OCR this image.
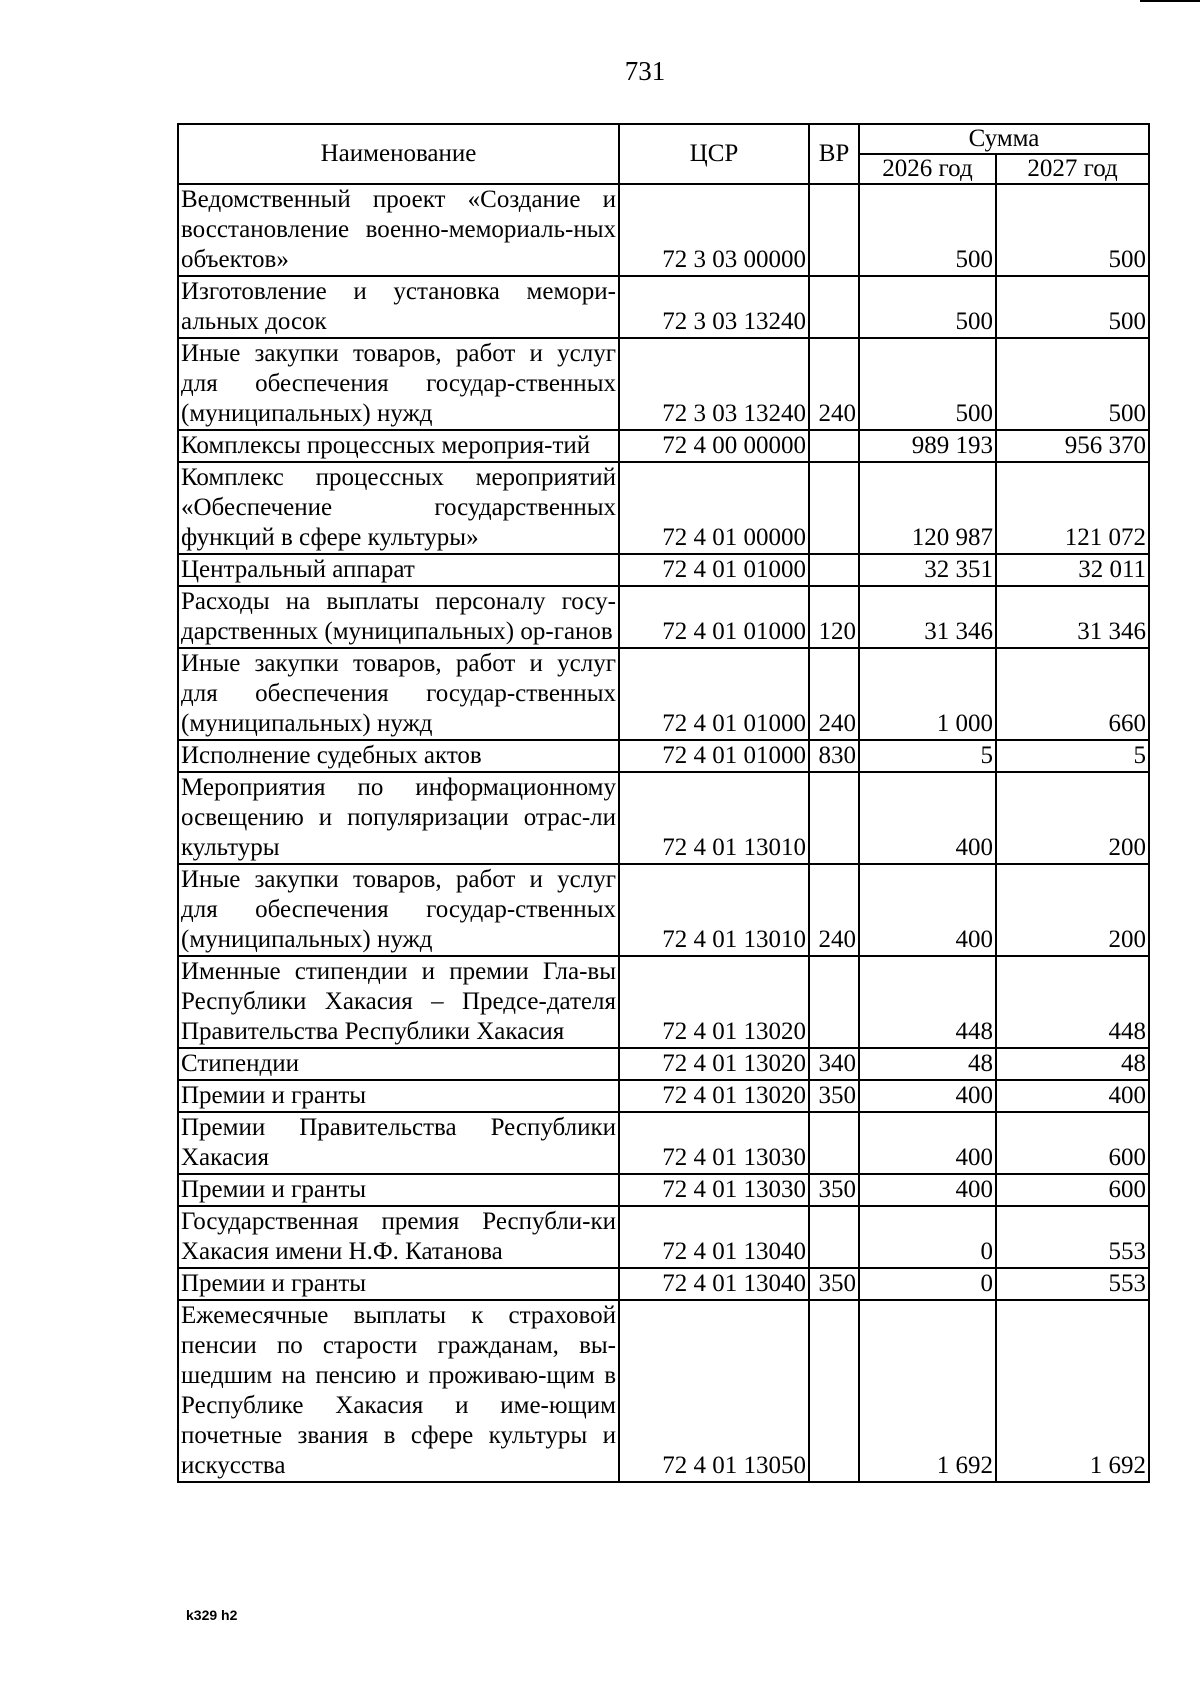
731
Наименование	ЦСР	ВР	Сумма	
			2026 год	2027 год
Ведомственный проект «Создание и восстановление военно-мемориаль-ных объектов»	72 3 03 00000		500	500
Изготовление и установка мемори-альных досок	72 3 03 13240		500	500
Иные закупки товаров, работ и услуг для обеспечения государ-ственных (муниципальных) нужд	72 3 03 13240	240	500	500
Комплексы процессных мероприя-тий	72 4 00 00000		989 193	956 370
Комплекс процессных мероприятий «Обеспечение государственных функций в сфере культуры»	72 4 01 00000		120 987	121 072
Центральный аппарат	72 4 01 01000		32 351	32 011
Расходы на выплаты персоналу госу-дарственных (муниципальных) ор-ганов	72 4 01 01000	120	31 346	31 346
Иные закупки товаров, работ и услуг для обеспечения государ-ственных (муниципальных) нужд	72 4 01 01000	240	1 000	660
Исполнение судебных актов	72 4 01 01000	830	5	5
Мероприятия по информационному освещению и популяризации отрас-ли культуры	72 4 01 13010		400	200
Иные закупки товаров, работ и услуг для обеспечения государ-ственных (муниципальных) нужд	72 4 01 13010	240	400	200
Именные стипендии и премии Гла-вы Республики Хакасия – Предсе-дателя Правительства Республики Хакасия	72 4 01 13020		448	448
Стипендии	72 4 01 13020	340	48	48
Премии и гранты	72 4 01 13020	350	400	400
Премии Правительства Республики Хакасия	72 4 01 13030		400	600
Премии и гранты	72 4 01 13030	350	400	600
Государственная премия Республи-ки Хакасия имени Н.Ф. Катанова	72 4 01 13040		0	553
Премии и гранты	72 4 01 13040	350	0	553
Ежемесячные выплаты к страховой пенсии по старости гражданам, вы-шедшим на пенсию и проживаю-щим в Республике Хакасия и име-ющим почетные звания в сфере культуры и искусства	72 4 01 13050		1 692	1 692
k329 h2
